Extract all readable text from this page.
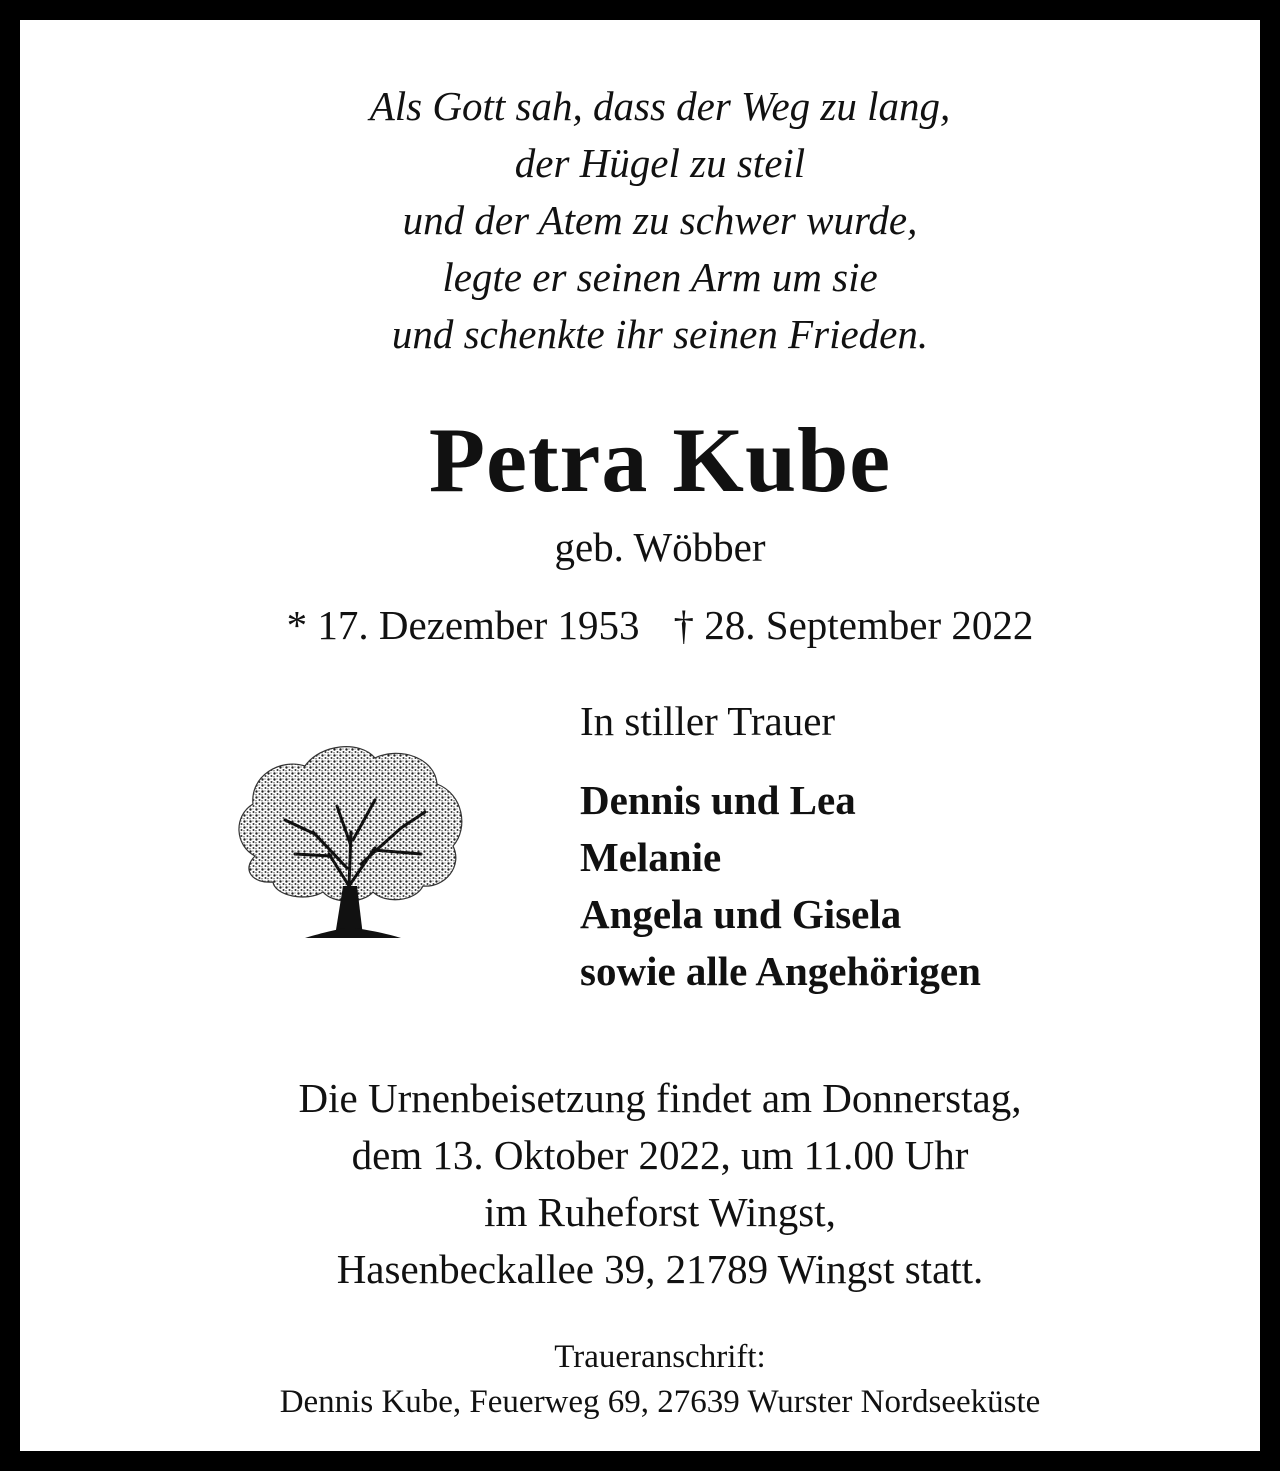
Als Gott sah, dass der Weg zu lang,
der Hügel zu steil
und der Atem zu schwer wurde,
legte er seinen Arm um sie
und schenkte ihr seinen Frieden.
Petra Kube
geb. Wöbber
* 17. Dezember 1953 † 28. September 2022
In stiller Trauer
Dennis und Lea
Melanie
Angela und Gisela
sowie alle Angehörigen
Die Urnenbeisetzung findet am Donnerstag,
dem 13. Oktober 2022, um 11.00 Uhr
im Ruheforst Wingst,
Hasenbeckallee 39, 21789 Wingst statt.
Traueranschrift:
Dennis Kube, Feuerweg 69, 27639 Wurster Nordseeküste
